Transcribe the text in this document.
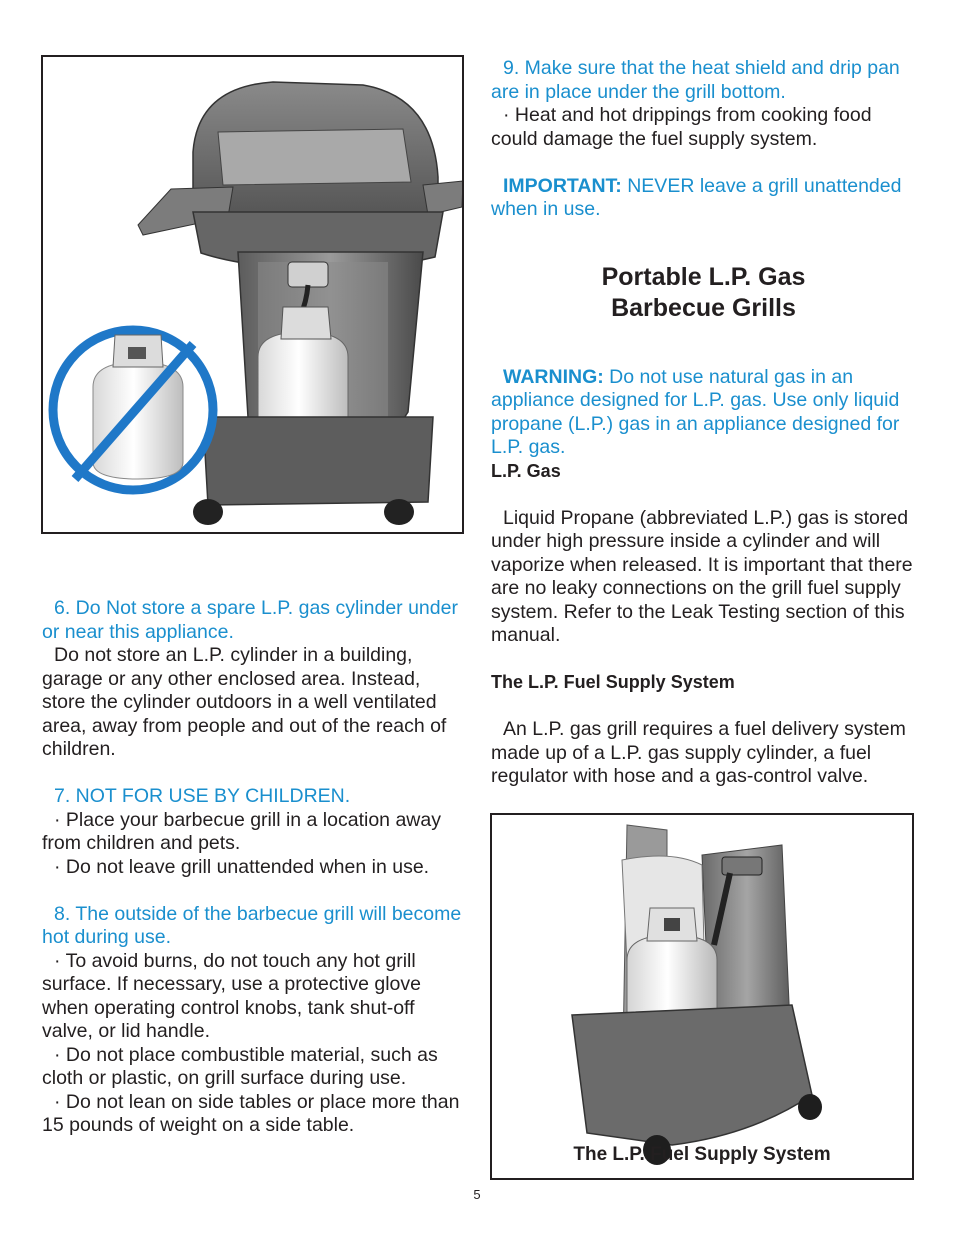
6. Do Not store a spare L.P. gas cylinder under or near this appliance.

Do not store an L.P. cylinder in a building, garage or any other enclosed area. Instead, store the cylinder outdoors in a well ventilated area, away from people and out of the reach of children.

7. NOT FOR USE BY CHILDREN.

· Place your barbecue grill in a location away from children and pets.

· Do not leave grill unattended when in use.

8. The outside of the barbecue grill will become hot during use.

· To avoid burns, do not touch any hot grill surface. If necessary, use a protective glove when operating control knobs, tank shut-off valve, or lid handle.

· Do not place combustible material, such as cloth or plastic, on grill surface during use.

· Do not lean on side tables or place more than 15 pounds of weight on a side table.

9. Make sure that the heat shield and drip pan are in place under the grill bottom.

· Heat and hot drippings from cooking food could damage the fuel supply system.

IMPORTANT: NEVER leave a grill unattended when in use.

Portable L.P. Gas

Barbecue Grills

WARNING: Do not use natural gas in an appliance designed for L.P. gas. Use only liquid propane (L.P.) gas in an appliance designed for L.P. gas.

L.P. Gas

Liquid Propane (abbreviated L.P.) gas is stored under high pressure inside a cylinder and will vaporize when released. It is important that there are no leaky connections on the grill fuel supply system. Refer to the Leak Testing section of this manual.

The L.P. Fuel Supply System

An L.P. gas grill requires a fuel delivery system made up of a L.P. gas supply cylinder, a fuel regulator with hose and a gas-control valve.

The L.P. Fuel Supply System
5
